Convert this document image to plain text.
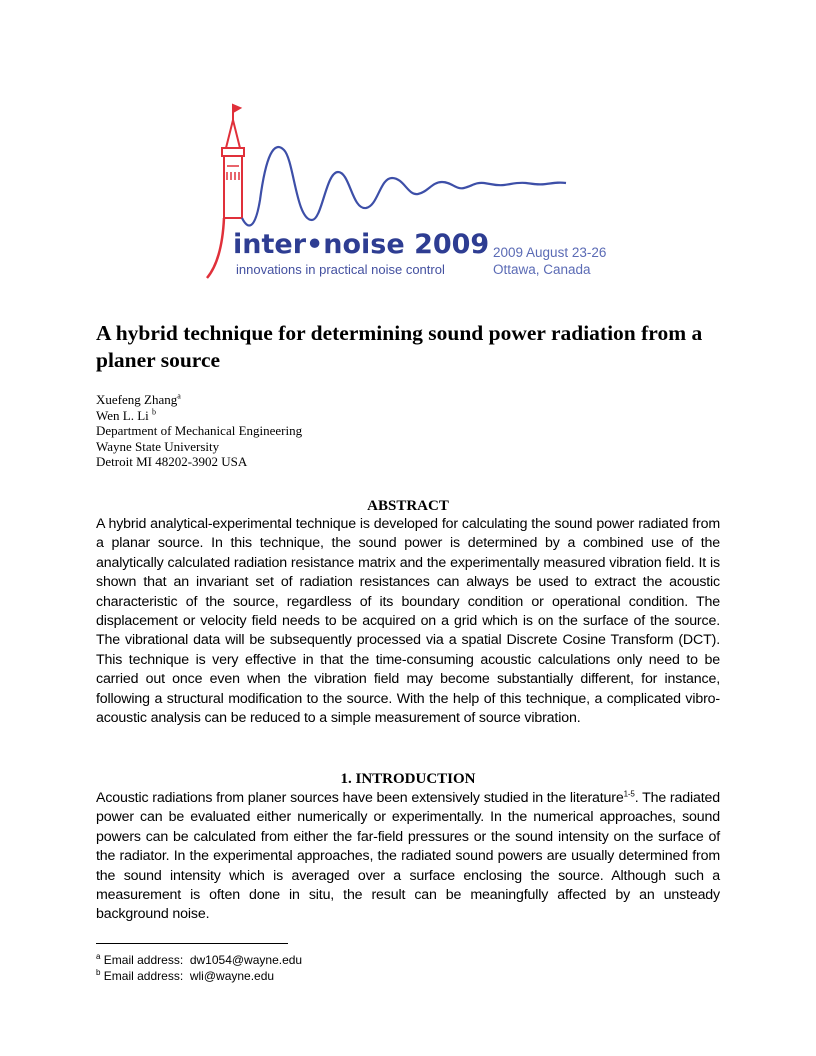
inter•noise 2009
innovations in practical noise control
2009 August 23-26
Ottawa, Canada
A hybrid technique for determining sound power radiation from a planer source
Xuefeng Zhang$^a$
Wen L. Li $^b$
Department of Mechanical Engineering
Wayne State University
Detroit MI 48202-3902 USA
ABSTRACT

A hybrid analytical-experimental technique is developed for calculating the sound power radiated from a planar source. In this technique, the sound power is determined by a combined use of the analytically calculated radiation resistance matrix and the experimentally measured vibration field. It is shown that an invariant set of radiation resistances can always be used to extract the acoustic characteristic of the source, regardless of its boundary condition or operational condition. The displacement or velocity field needs to be acquired on a grid which is on the surface of the source. The vibrational data will be subsequently processed via a spatial Discrete Cosine Transform (DCT). This technique is very effective in that the time-consuming acoustic calculations only need to be carried out once even when the vibration field may become substantially different, for instance, following a structural modification to the source. With the help of this technique, a complicated vibro-acoustic analysis can be reduced to a simple measurement of source vibration.

1. INTRODUCTION

Acoustic radiations from planer sources have been extensively studied in the literature$^{1-5}$. The radiated power can be evaluated either numerically or experimentally. In the numerical approaches, sound powers can be calculated from either the far-field pressures or the sound intensity on the surface of the radiator. In the experimental approaches, the radiated sound powers are usually determined from the sound intensity which is averaged over a surface enclosing the source. Although such a measurement is often done in situ, the result can be meaningfully affected by an unsteady background noise.

$^a$ Email address: dw1054@wayne.edu
$^b$ Email address: wli@wayne.edu
